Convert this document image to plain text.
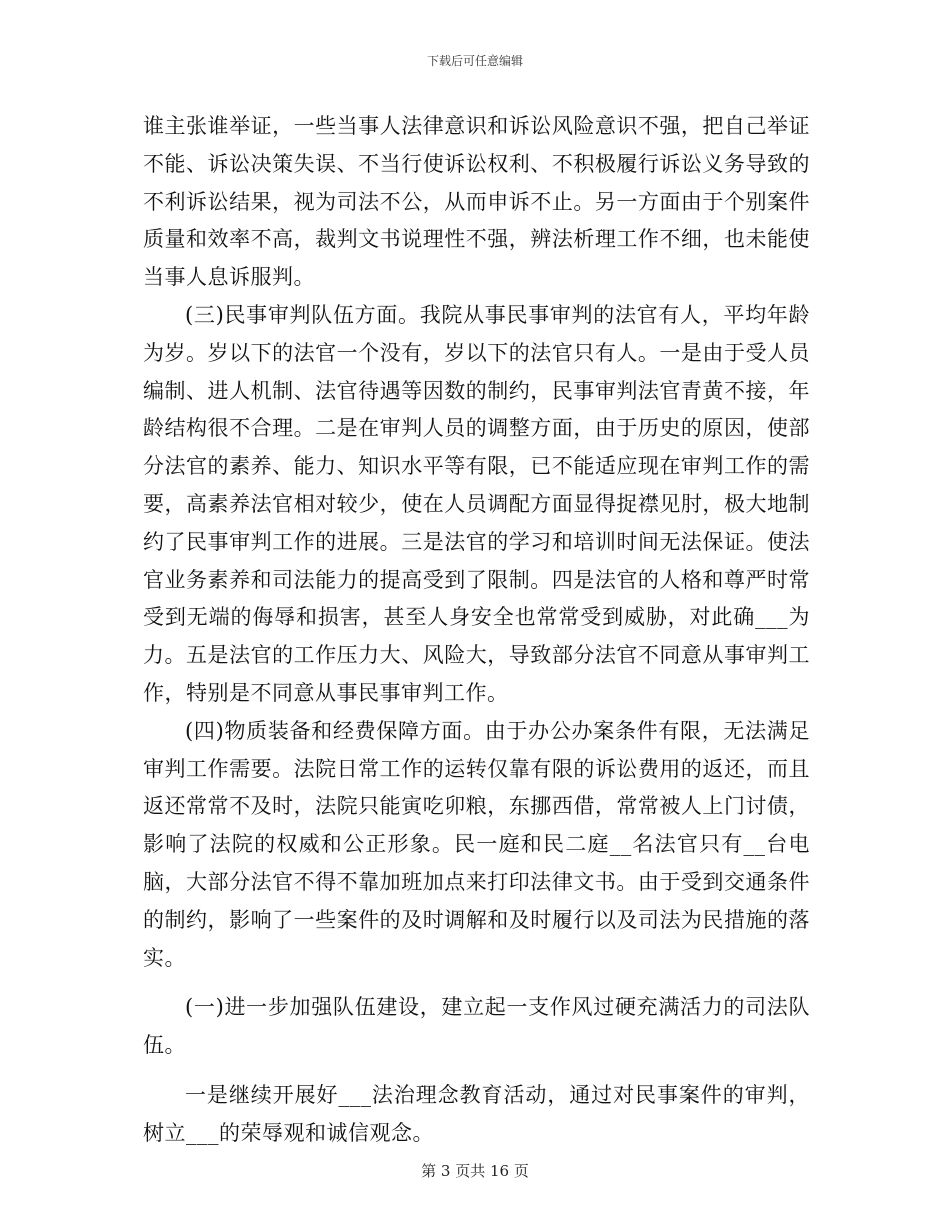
下载后可任意编辑

谁主张谁举证，一些当事人法律意识和诉讼风险意识不强，把自己举证不能、诉讼决策失误、不当行使诉讼权利、不积极履行诉讼义务导致的不利诉讼结果，视为司法不公，从而申诉不止。另一方面由于个别案件质量和效率不高，裁判文书说理性不强，辨法析理工作不细，也未能使当事人息诉服判。

(三)民事审判队伍方面。我院从事民事审判的法官有人，平均年龄为岁。岁以下的法官一个没有，岁以下的法官只有人。一是由于受人员编制、进人机制、法官待遇等因数的制约，民事审判法官青黄不接，年龄结构很不合理。二是在审判人员的调整方面，由于历史的原因，使部分法官的素养、能力、知识水平等有限，已不能适应现在审判工作的需要，高素养法官相对较少，使在人员调配方面显得捉襟见肘，极大地制约了民事审判工作的进展。三是法官的学习和培训时间无法保证。使法官业务素养和司法能力的提高受到了限制。四是法官的人格和尊严时常受到无端的侮辱和损害，甚至人身安全也常常受到威胁，对此确___为力。五是法官的工作压力大、风险大，导致部分法官不同意从事审判工作，特别是不同意从事民事审判工作。

(四)物质装备和经费保障方面。由于办公办案条件有限，无法满足审判工作需要。法院日常工作的运转仅靠有限的诉讼费用的返还，而且返还常常不及时，法院只能寅吃卯粮，东挪西借，常常被人上门讨债，影响了法院的权威和公正形象。民一庭和民二庭__名法官只有__台电脑，大部分法官不得不靠加班加点来打印法律文书。由于受到交通条件的制约，影响了一些案件的及时调解和及时履行以及司法为民措施的落实。

(一)进一步加强队伍建设，建立起一支作风过硬充满活力的司法队伍。

一是继续开展好___法治理念教育活动，通过对民事案件的审判，树立___的荣辱观和诚信观念。

第 3 页共 16 页
